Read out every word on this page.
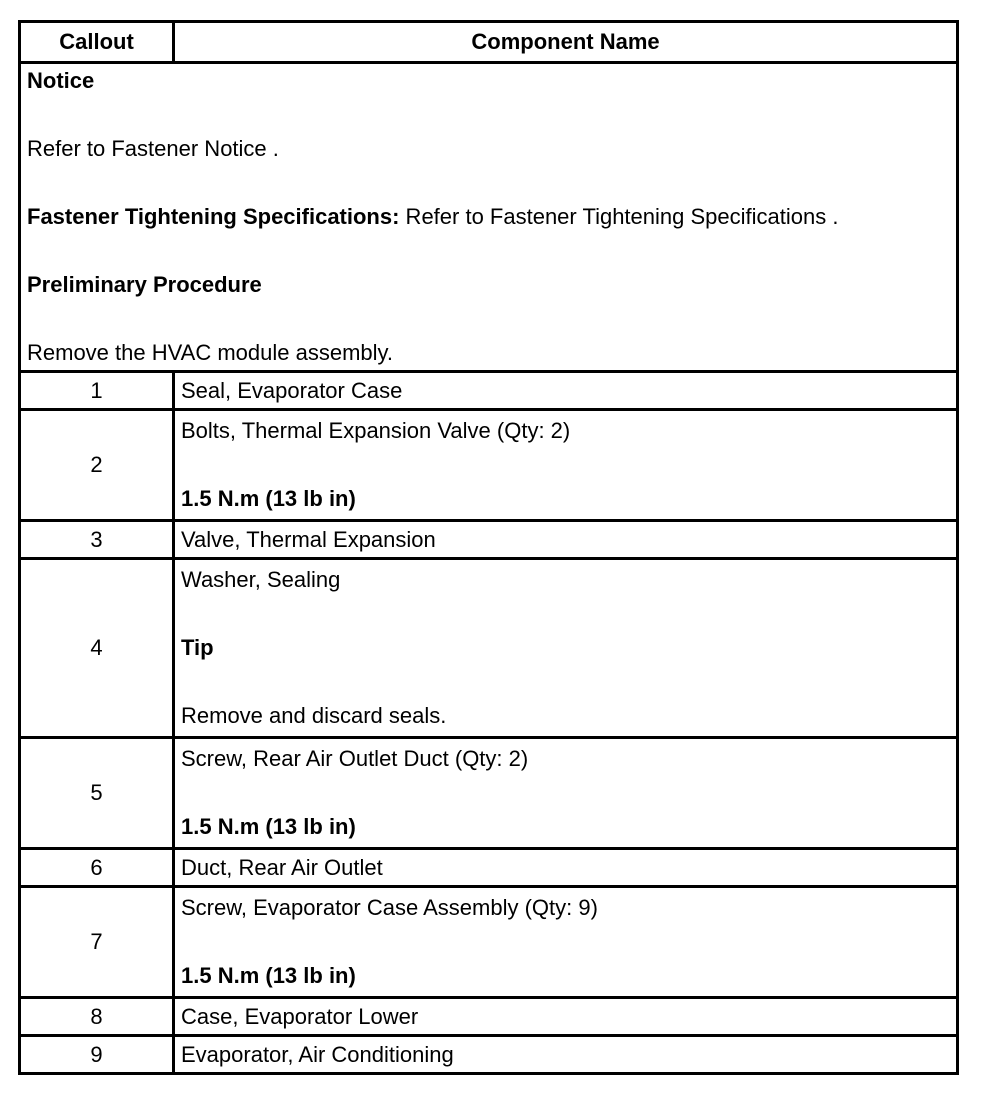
Callout	Component Name

Notice

Refer to Fastener Notice .

Fastener Tightening Specifications: Refer to Fastener Tightening Specifications .

Preliminary Procedure

Remove the HVAC module assembly.	

1	Seal, Evaporator Case
2	Bolts, Thermal Expansion Valve (Qty: 2)

1.5 N.m (13 lb in)

3	Valve, Thermal Expansion
4	Washer, Sealing

Tip

Remove and discard seals.

5	Screw, Rear Air Outlet Duct (Qty: 2)

1.5 N.m (13 lb in)

6	Duct, Rear Air Outlet
7	Screw, Evaporator Case Assembly (Qty: 9)

1.5 N.m (13 lb in)

8	Case, Evaporator Lower
9	Evaporator, Air Conditioning
